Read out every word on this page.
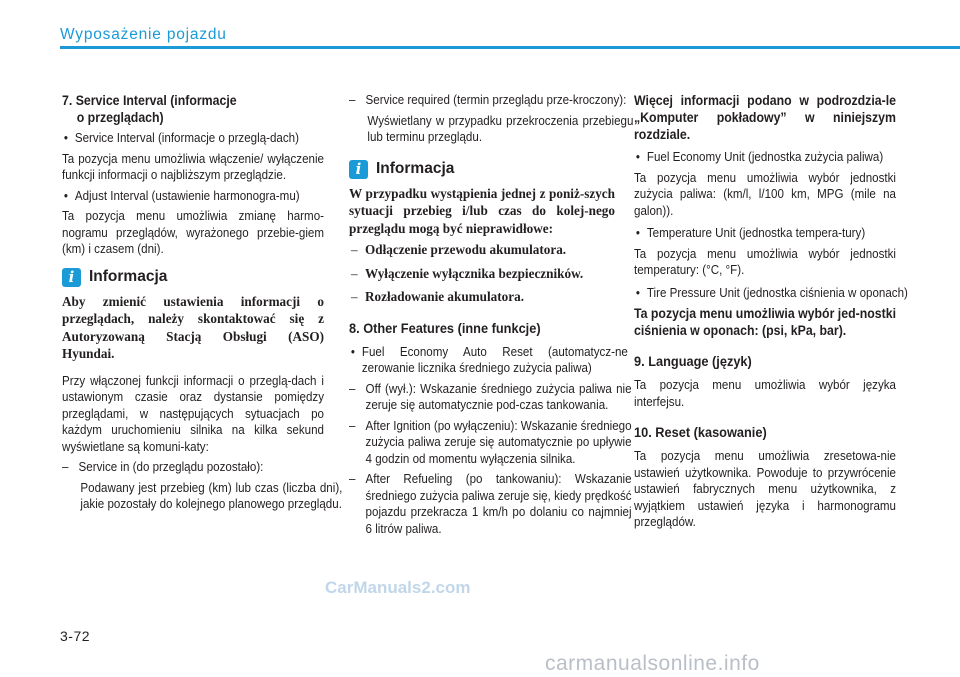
Wyposażenie pojazdu

7. Service Interval (informacje

o przeglądach)

• Service Interval (informacje o przeglą-dach)

Ta pozycja menu umożliwia włączenie/ wyłączenie funkcji informacji o najbliższym przeglądzie.

• Adjust Interval (ustawienie harmonogra-mu)

Ta pozycja menu umożliwia zmianę harmo-nogramu przeglądów, wyrażonego przebie-giem (km) i czasem (dni).

i Informacja

Aby zmienić ustawienia informacji o przeglądach, należy skontaktować się z Autoryzowaną Stacją Obsługi (ASO) Hyundai.

Przy włączonej funkcji informacji o przeglą-dach i ustawionym czasie oraz dystansie pomiędzy przeglądami, w następujących sytuacjach po każdym uruchomieniu silnika na kilka sekund wyświetlane są komuni-katy:

– Service in (do przeglądu pozostało):

Podawany jest przebieg (km) lub czas (liczba dni), jakie pozostały do kolejnego planowego przeglądu.

– Service required (termin przeglądu prze-kroczony):

Wyświetlany w przypadku przekroczenia przebiegu lub terminu przeglądu.

i Informacja

W przypadku wystąpienia jednej z poniż-szych sytuacji przebieg i/lub czas do kolej-nego przeglądu mogą być nieprawidłowe:

– Odłączenie przewodu akumulatora.

– Wyłączenie wyłącznika bezpieczników.

– Rozładowanie akumulatora.

8. Other Features (inne funkcje)

• Fuel Economy Auto Reset (automatycz-ne zerowanie licznika średniego zużycia paliwa)

– Off (wył.): Wskazanie średniego zużycia paliwa nie zeruje się automatycznie pod-czas tankowania.

– After Ignition (po wyłączeniu): Wskazanie średniego zużycia paliwa zeruje się automatycznie po upływie 4 godzin od momentu wyłączenia silnika.

– After Refueling (po tankowaniu): Wskazanie średniego zużycia paliwa zeruje się, kiedy prędkość pojazdu przekracza 1 km/h po dolaniu co najmniej 6 litrów paliwa.

Więcej informacji podano w podrozdzia-le „Komputer pokładowy” w niniejszym rozdziale.

• Fuel Economy Unit (jednostka zużycia paliwa)

Ta pozycja menu umożliwia wybór jednostki zużycia paliwa: (km/l, l/100 km, MPG (mile na galon)).

• Temperature Unit (jednostka tempera-tury)

Ta pozycja menu umożliwia wybór jednostki temperatury: (°C, °F).

• Tire Pressure Unit (jednostka ciśnienia w oponach)

Ta pozycja menu umożliwia wybór jed-nostki ciśnienia w oponach: (psi, kPa, bar).

9. Language (język)

Ta pozycja menu umożliwia wybór języka interfejsu.

10. Reset (kasowanie)

Ta pozycja menu umożliwia zresetowa-nie ustawień użytkownika. Powoduje to przywrócenie ustawień fabrycznych menu użytkownika, z wyjątkiem ustawień języka i harmonogramu przeglądów.

CarManuals2.com
3-72
carmanualsonline.info
